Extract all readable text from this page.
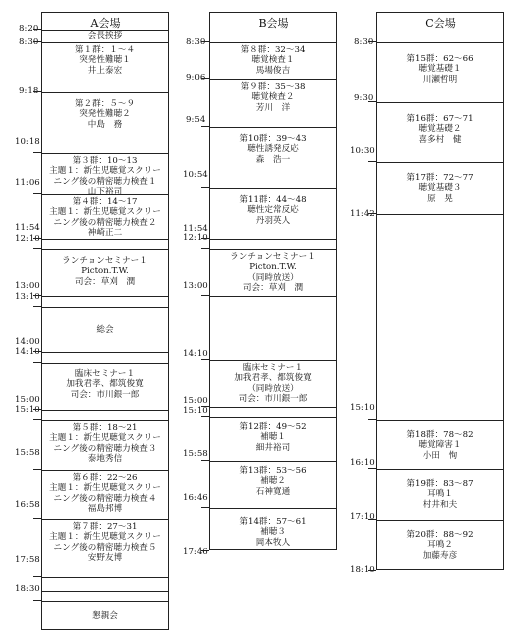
A会場
会長挨拶
第１群：１～４
突発性難聴１
井上泰宏
第２群：５～９
突発性難聴２
中島　務
第３群：10～13
主題１：新生児聴覚スクリー
ニング後の精密聴力検査１
山下裕司
第４群：14～17
主題１：新生児聴覚スクリー
ニング後の精密聴力検査２
神崎正二
ランチョンセミナー１
Picton.T.W.
司会：草刈　潤
総会
臨床セミナー１
加我君孝、都筑俊寛
司会：市川銀一郎
第５群：18～21
主題１：新生児聴覚スクリー
ニング後の精密聴力検査３
泰地秀信
第６群：22～26
主題１：新生児聴覚スクリー
ニング後の精密聴力検査４
福島邦博
第７群：27～31
主題１：新生児聴覚スクリー
ニング後の精密聴力検査５
安野友博
懇親会
8:20
8:30
9:18
10:18
11:06
11:54
12:10
13:00
13:10
14:00
14:10
15:00
15:10
15:58
16:58
17:58
18:30
B会場
第８群：32～34
聴覚検査１
馬場俊吉
第９群：35～38
聴覚検査２
芳川　洋
第10群：39～43
聴性誘発反応
森　浩一
第11群：44～48
聴性定常反応
丹羽英人
ランチョンセミナー１
Picton.T.W.
（同時放送）
司会：草刈　潤
臨床セミナー１
加我君孝、都筑俊寛
（同時放送）
司会：市川銀一郎
第12群：49～52
補聴１
細井裕司
第13群：53～56
補聴２
石神寛通
第14群：57～61
補聴３
岡本牧人
8:30
9:06
9:54
10:54
11:54
12:10
13:00
14:10
15:00
15:10
15:58
16:46
17:46
C会場
第15群：62～66
聴覚基礎１
川瀬哲明
第16群：67～71
聴覚基礎２
喜多村　健
第17群：72～77
聴覚基礎３
原　晃
第18群：78～82
聴覚障害１
小田　恂
第19群：83～87
耳鳴１
村井和夫
第20群：88～92
耳鳴２
加藤寿彦
8:30
9:30
10:30
11:42
15:10
16:10
17:10
18:10
